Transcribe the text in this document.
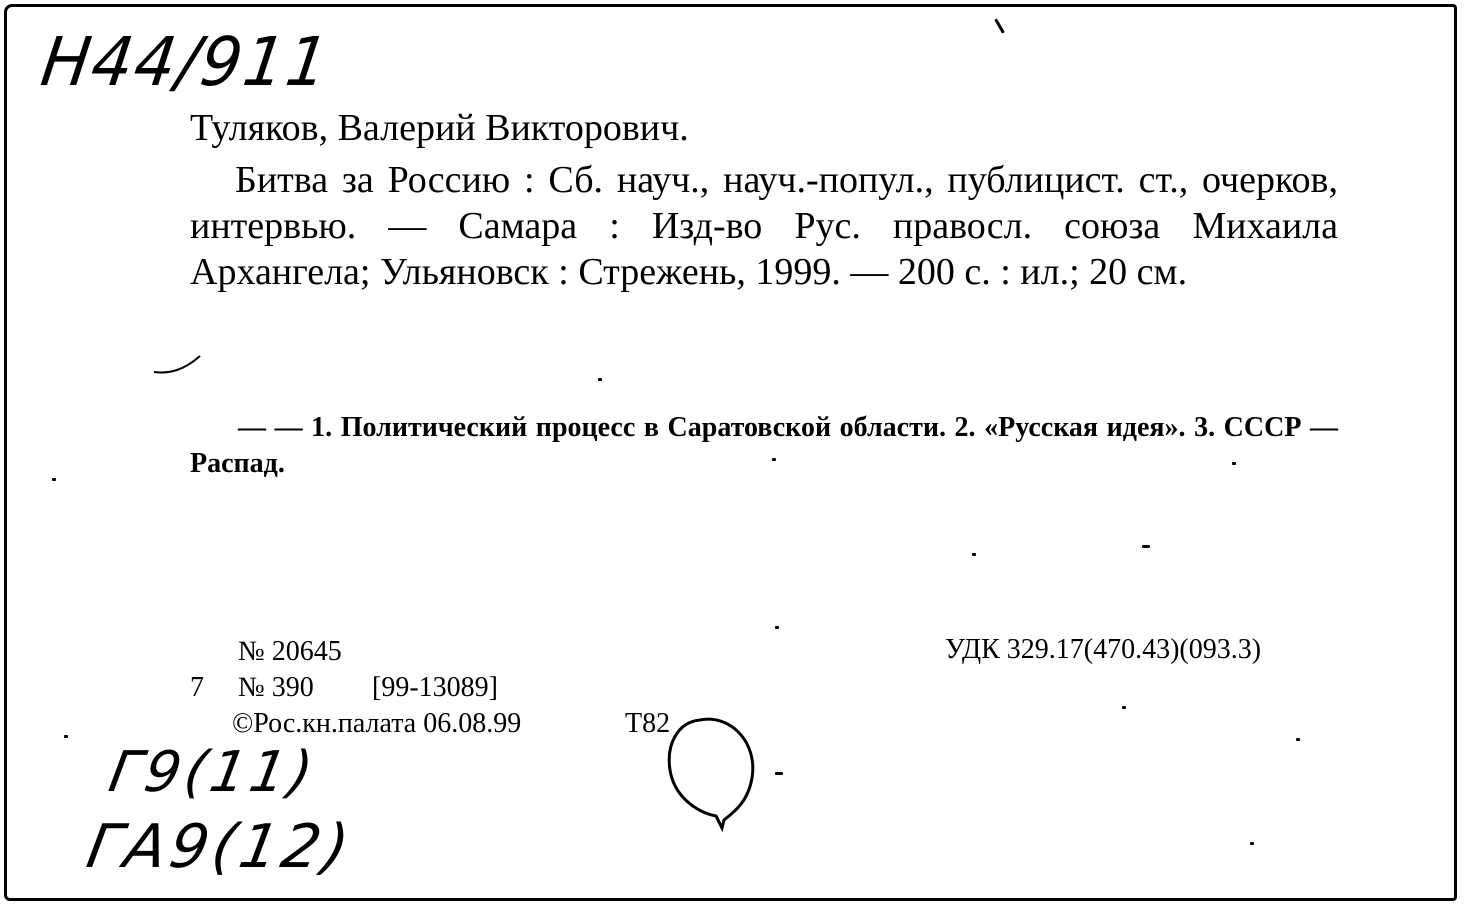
Н44/911
Туляков, Валерий Викторович.
Битва за Россию : Сб. науч., науч.-попул., публицист. ст., очерков, интервью. — Самара : Изд-во Рус. правосл. союза Михаила Архангела; Ульяновск : Стрежень, 1999. — 200 с. : ил.; 20 см.
— — 1. Политический процесс в Саратовской области. 2. «Русская идея». 3. СССР — Распад.
№ 20645	УДК 329.17(470.43)(093.3)
7 № 390 [99-13089]
©Рос.кн.палата 06.08.99	Т82
Г9(11)
ГА9(12)
